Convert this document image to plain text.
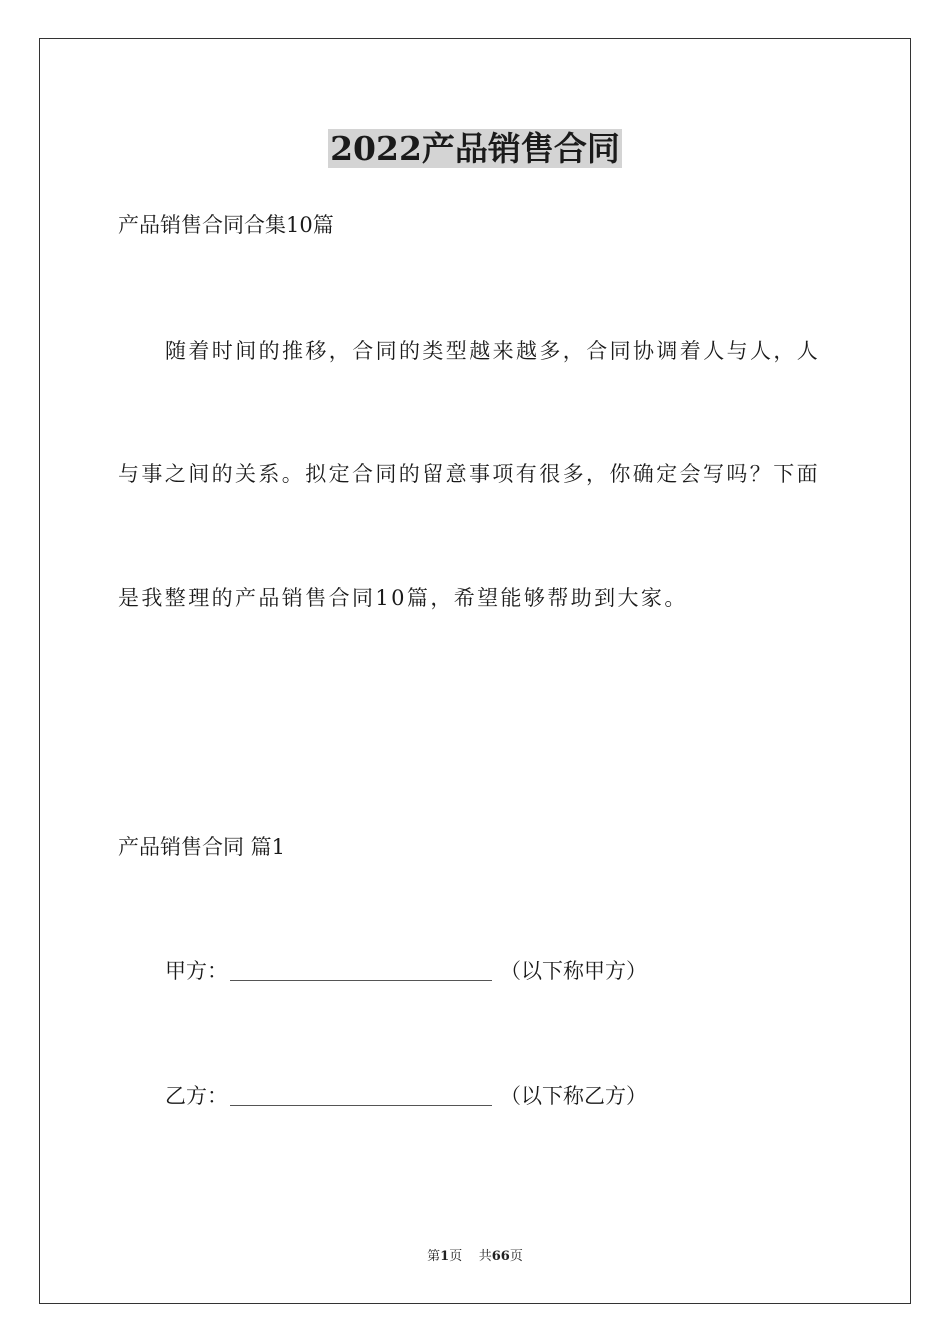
2022产品销售合同
产品销售合同合集10篇
随着时间的推移，合同的类型越来越多，合同协调着人与人，人
与事之间的关系。拟定合同的留意事项有很多，你确定会写吗？下面
是我整理的产品销售合同10篇，希望能够帮助到大家。
产品销售合同 篇1
甲方：	（以下称甲方）
乙方：	（以下称乙方）
第1页 共66页
